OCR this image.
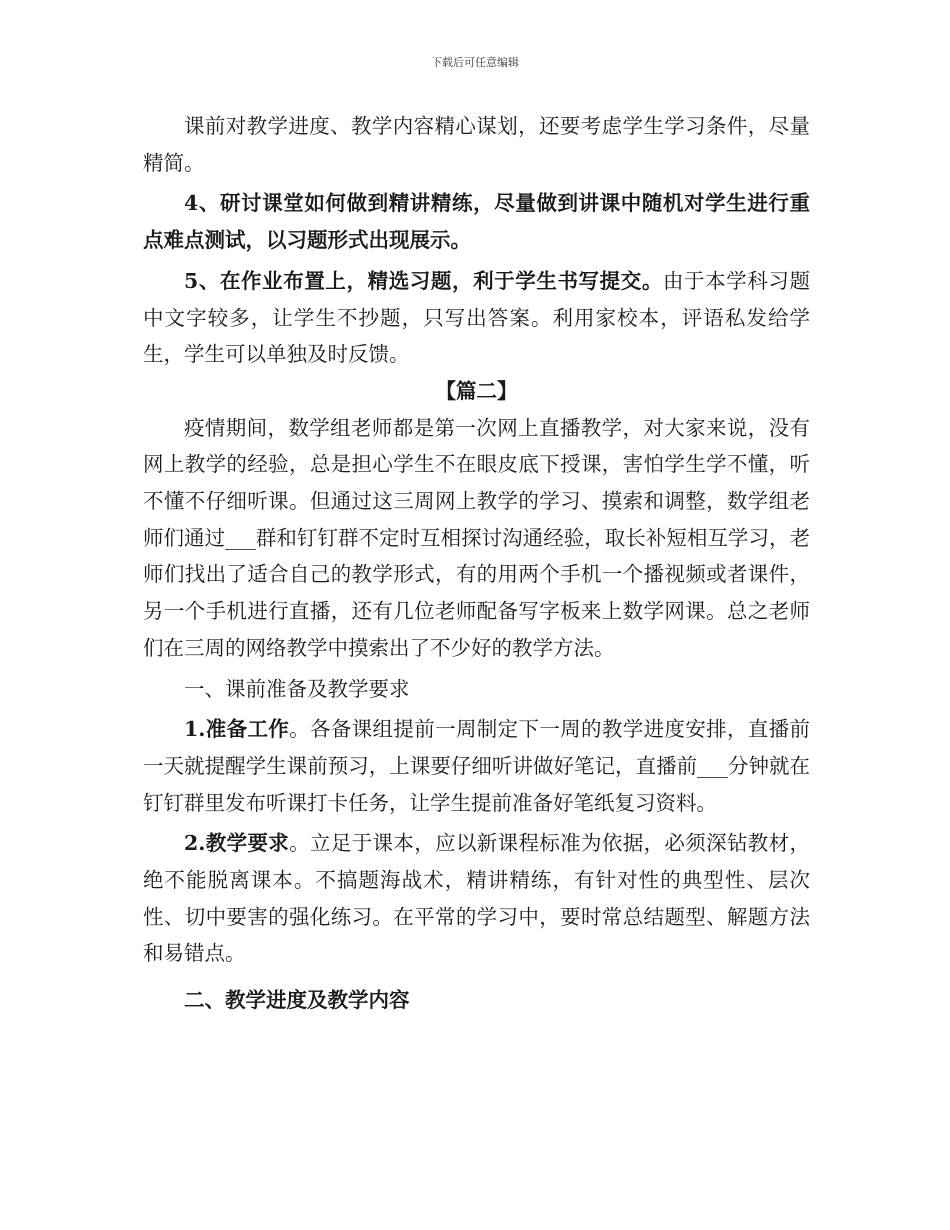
下载后可任意编辑

课前对教学进度、教学内容精心谋划，还要考虑学生学习条件，尽量精简。

4、研讨课堂如何做到精讲精练，尽量做到讲课中随机对学生进行重点难点测试，以习题形式出现展示。

5、在作业布置上，精选习题，利于学生书写提交。由于本学科习题中文字较多，让学生不抄题，只写出答案。利用家校本，评语私发给学生，学生可以单独及时反馈。

【篇二】

疫情期间，数学组老师都是第一次网上直播教学，对大家来说，没有网上教学的经验，总是担心学生不在眼皮底下授课，害怕学生学不懂，听不懂不仔细听课。但通过这三周网上教学的学习、摸索和调整，数学组老师们通过___群和钉钉群不定时互相探讨沟通经验，取长补短相互学习，老师们找出了适合自己的教学形式，有的用两个手机一个播视频或者课件，另一个手机进行直播，还有几位老师配备写字板来上数学网课。总之老师们在三周的网络教学中摸索出了不少好的教学方法。

一、课前准备及教学要求

1.准备工作。各备课组提前一周制定下一周的教学进度安排，直播前一天就提醒学生课前预习，上课要仔细听讲做好笔记，直播前___分钟就在钉钉群里发布听课打卡任务，让学生提前准备好笔纸复习资料。

2.教学要求。立足于课本，应以新课程标准为依据，必须深钻教材，绝不能脱离课本。不搞题海战术，精讲精练，有针对性的典型性、层次性、切中要害的强化练习。在平常的学习中，要时常总结题型、解题方法和易错点。

二、教学进度及教学内容
